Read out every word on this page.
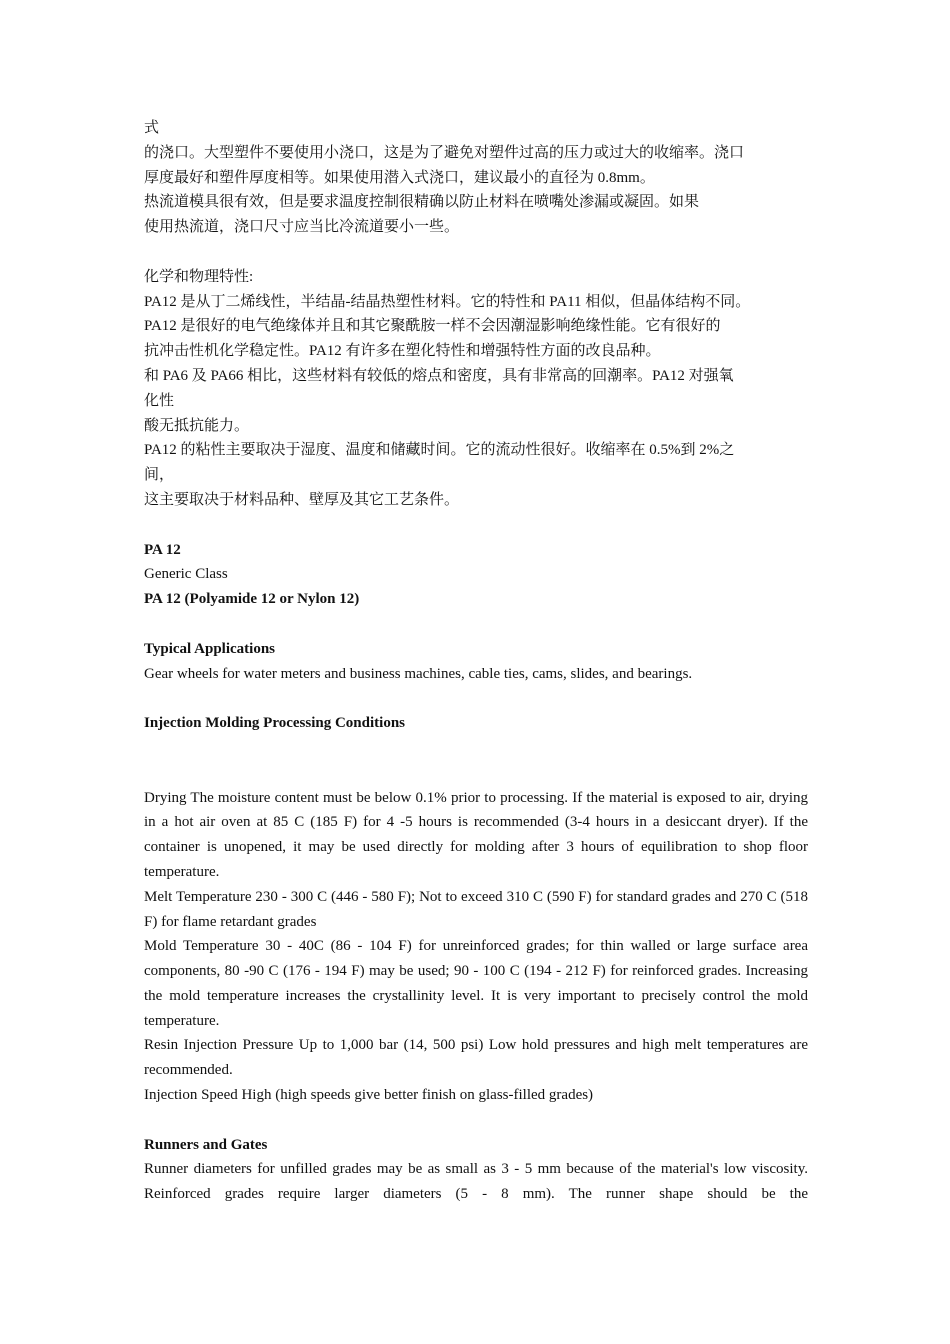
式
的浇口。大型塑件不要使用小浇口，这是为了避免对塑件过高的压力或过大的收缩率。浇口
厚度最好和塑件厚度相等。如果使用潜入式浇口，建议最小的直径为 0.8mm。
热流道模具很有效，但是要求温度控制很精确以防止材料在喷嘴处渗漏或凝固。如果
使用热流道，浇口尺寸应当比冷流道要小一些。
化学和物理特性:
PA12 是从丁二烯线性，半结晶-结晶热塑性材料。它的特性和 PA11 相似，但晶体结构不同。
PA12 是很好的电气绝缘体并且和其它聚酰胺一样不会因潮湿影响绝缘性能。它有很好的
抗冲击性机化学稳定性。PA12 有许多在塑化特性和增强特性方面的改良品种。
和 PA6 及 PA66 相比，这些材料有较低的熔点和密度，具有非常高的回潮率。PA12 对强氧
化性
酸无抵抗能力。
PA12 的粘性主要取决于湿度、温度和储藏时间。它的流动性很好。收缩率在 0.5%到 2%之
间，
这主要取决于材料品种、壁厚及其它工艺条件。
PA 12
Generic Class
PA 12 (Polyamide 12 or Nylon 12)
Typical Applications
Gear wheels for water meters and business machines, cable ties, cams, slides, and bearings.
Injection Molding Processing Conditions
Drying The moisture content must be below 0.1% prior to processing. If the material is exposed to air, drying in a hot air oven at 85 C (185 F) for 4 -5 hours is recommended (3-4 hours in a desiccant dryer). If the container is unopened, it may be used directly for molding after 3 hours of equilibration to shop floor temperature.
Melt Temperature 230 - 300 C (446 - 580 F); Not to exceed 310 C (590 F) for standard grades and 270 C (518 F) for flame retardant grades
Mold Temperature 30 - 40C (86 - 104 F) for unreinforced grades; for thin walled or large surface area components, 80 -90 C (176 - 194 F) may be used; 90 - 100 C (194 - 212 F) for reinforced grades. Increasing the mold temperature increases the crystallinity level. It is very important to precisely control the mold temperature.
Resin Injection Pressure Up to 1,000 bar (14, 500 psi) Low hold pressures and high melt temperatures are recommended.
Injection Speed High (high speeds give better finish on glass-filled grades)
Runners and Gates
Runner diameters for unfilled grades may be as small as 3 - 5 mm because of the material's low viscosity. Reinforced grades require larger diameters (5 - 8 mm). The runner shape should be the
